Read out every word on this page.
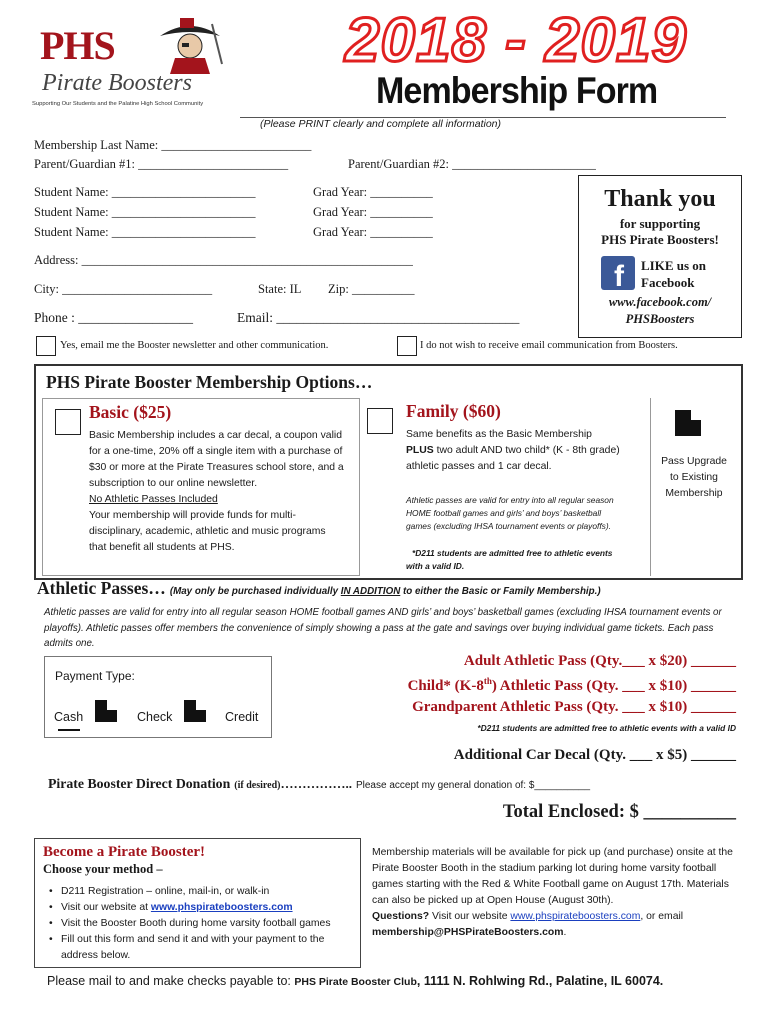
PHS
Pirate Boosters
Supporting Our Students and the Palatine High School Community
2018 - 2019
Membership Form
(Please PRINT clearly and complete all information)
Membership Last Name: ________________________
Parent/Guardian #1: ________________________	Parent/Guardian #2: _______________________
Student Name: _______________________	Grad Year: __________
Student Name: _______________________	Grad Year: __________
Student Name: _______________________	Grad Year: __________
Address: _____________________________________________________
City: ________________________	State: IL Zip: __________
Phone : _________________	Email: ____________________________________
Thank you
for supporting
PHS Pirate Boosters!
f LIKE us on
Facebook
www.facebook.com/
PHSBoosters
Yes, email me the Booster newsletter and other communication.	I do not wish to receive email communication from Boosters.
PHS Pirate Booster Membership Options…
Basic ($25)
Basic Membership includes a car decal, a coupon valid for a one-time, 20% off a single item with a purchase of $30 or more at the Pirate Treasures school store, and a subscription to our online newsletter.
No Athletic Passes Included
Your membership will provide funds for multi-disciplinary, academic, athletic and music programs that benefit all students at PHS.
Family ($60)
Same benefits as the Basic Membership PLUS two adult AND two child* (K - 8th grade) athletic passes and 1 car decal.
Athletic passes are valid for entry into all regular season HOME football games and girls’ and boys’ basketball games (excluding IHSA tournament events or playoffs).
*D211 students are admitted free to athletic events with a valid ID.
Pass Upgrade
to Existing
Membership
Athletic Passes… (May only be purchased individually IN ADDITION to either the Basic or Family Membership.)
Athletic passes are valid for entry into all regular season HOME football games AND girls’ and boys’ basketball games (excluding IHSA tournament events or playoffs). Athletic passes offer members the convenience of simply showing a pass at the gate and savings over buying individual game tickets. Each pass admits one.
Payment Type:
Cash	Check	Credit
Adult Athletic Pass (Qty.___ x $20) ______
Child* (K-8th) Athletic Pass (Qty. ___ x $10) ______
Grandparent Athletic Pass (Qty. ___ x $10) ______
*D211 students are admitted free to athletic events with a valid ID
Additional Car Decal (Qty. ___ x $5) ______
Pirate Booster Direct Donation (if desired)…………….. Please accept my general donation of: $__________
Total Enclosed: $ __________
Become a Pirate Booster!
Choose your method –
• D211 Registration – online, mail-in, or walk-in
• Visit our website at www.phspirateboosters.com
• Visit the Booster Booth during home varsity football games
• Fill out this form and send it and with your payment to the address below.
Membership materials will be available for pick up (and purchase) onsite at the Pirate Booster Booth in the stadium parking lot during home varsity football games starting with the Red & White Football game on August 17th. Materials can also be picked up at Open House (August 30th).
Questions? Visit our website www.phspirateboosters.com, or email
membership@PHSPirateBoosters.com.
Please mail to and make checks payable to: PHS Pirate Booster Club, 1111 N. Rohlwing Rd., Palatine, IL 60074.
